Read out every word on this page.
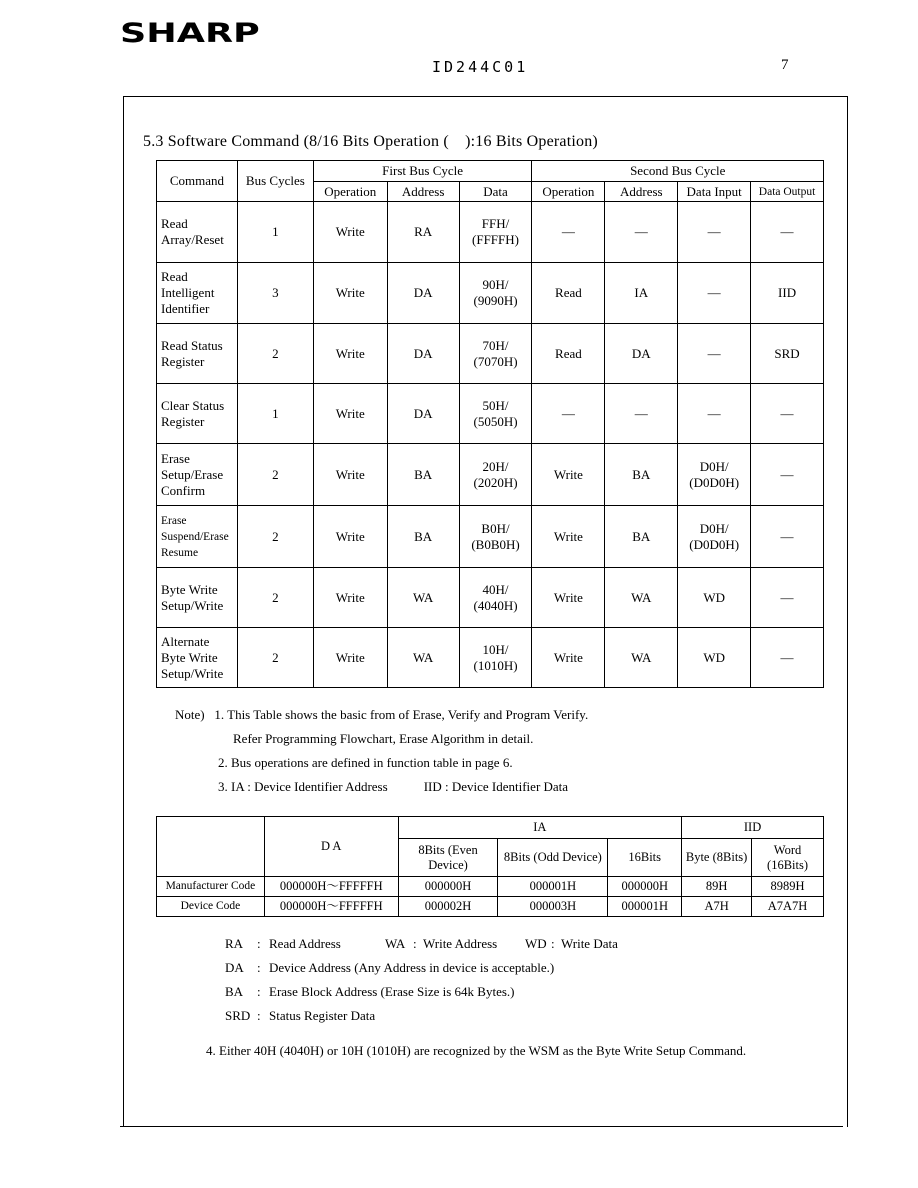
SHARP
ID244C01	7
5.3 Software Command (8/16 Bits Operation (　):16 Bits Operation)
Command	Bus Cycles	First Bus Cycle			Second Bus Cycle			
		Operation	Address	Data	Operation	Address	Data Input	Data Output
Read Array/Reset	1	Write	RA	FFH/ (FFFFH)	—	—	—	—
Read Intelligent Identifier	3	Write	DA	90H/ (9090H)	Read	IA	—	IID
Read Status Register	2	Write	DA	70H/ (7070H)	Read	DA	—	SRD
Clear Status Register	1	Write	DA	50H/ (5050H)	—	—	—	—
Erase Setup/Erase Confirm	2	Write	BA	20H/ (2020H)	Write	BA	D0H/ (D0D0H)	—
Erase Suspend/Erase Resume	2	Write	BA	B0H/ (B0B0H)	Write	BA	D0H/ (D0D0H)	—
Byte Write Setup/Write	2	Write	WA	40H/ (4040H)	Write	WA	WD	—
Alternate Byte Write Setup/Write	2	Write	WA	10H/ (1010H)	Write	WA	WD	—
Note) 1. This Table shows the basic from of Erase, Verify and Program Verify.
Refer Programming Flowchart, Erase Algorithm in detail.
2. Bus operations are defined in function table in page 6.
3. IA : Device Identifier Address	IID : Device Identifier Data
	D A	IA			IID	
		8Bits (Even Device)	8Bits (Odd Device)	16Bits	Byte (8Bits)	Word (16Bits)
Manufacturer Code	000000H～FFFFFH	000000H	000001H	000000H	89H	8989H
Device Code	000000H～FFFFFH	000002H	000003H	000001H	A7H	A7A7H
RA	: Read Address	WA : Write Address	WD : Write Data
DA	: Device Address (Any Address in device is acceptable.)
BA	: Erase Block Address (Erase Size is 64k Bytes.)
SRD : Status Register Data
4. Either 40H (4040H) or 10H (1010H) are recognized by the WSM as the Byte Write Setup Command.
